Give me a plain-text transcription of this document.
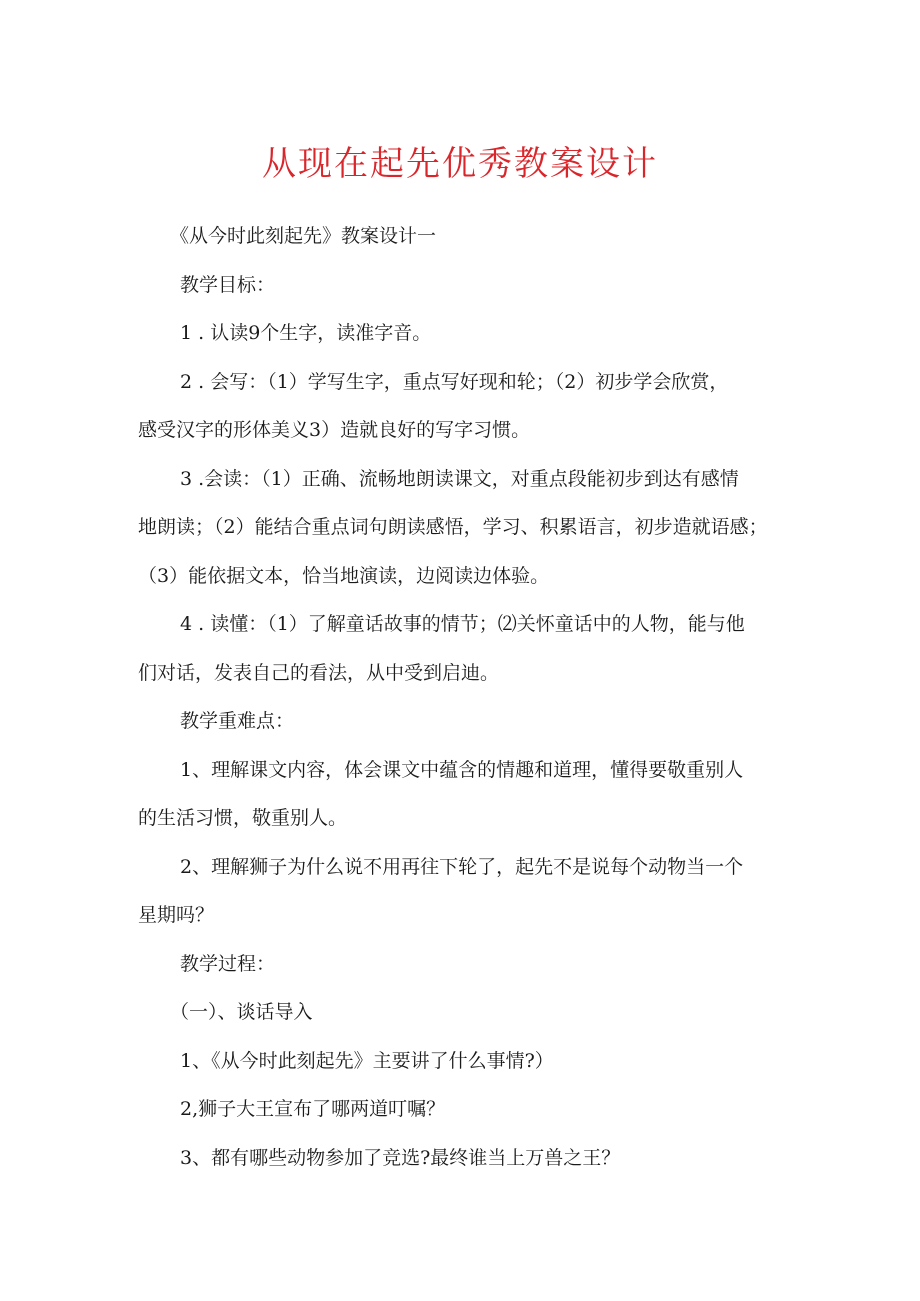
从现在起先优秀教案设计
《从今时此刻起先》教案设计一
教学目标：
1 . 认读9个生字，读准字音。
2 . 会写：（1）学写生字，重点写好现和轮；（2）初步学会欣赏，
感受汉字的形体美义3）造就良好的写字习惯。
3 .会读：（1）正确、流畅地朗读课文，对重点段能初步到达有感情
地朗读；（2）能结合重点词句朗读感悟，学习、积累语言，初步造就语感；
（3）能依据文本，恰当地演读，边阅读边体验。
4 . 读懂：（1）了解童话故事的情节；⑵关怀童话中的人物，能与他
们对话，发表自己的看法，从中受到启迪。
教学重难点：
1、理解课文内容，体会课文中蕴含的情趣和道理，懂得要敬重别人
的生活习惯，敬重别人。
2、理解狮子为什么说不用再往下轮了，起先不是说每个动物当一个
星期吗？
教学过程：
（一）、谈话导入
1、《从今时此刻起先》主要讲了什么事情?）
2,狮子大王宣布了哪两道叮嘱？
3、都有哪些动物参加了竞选?最终谁当上万兽之王？
